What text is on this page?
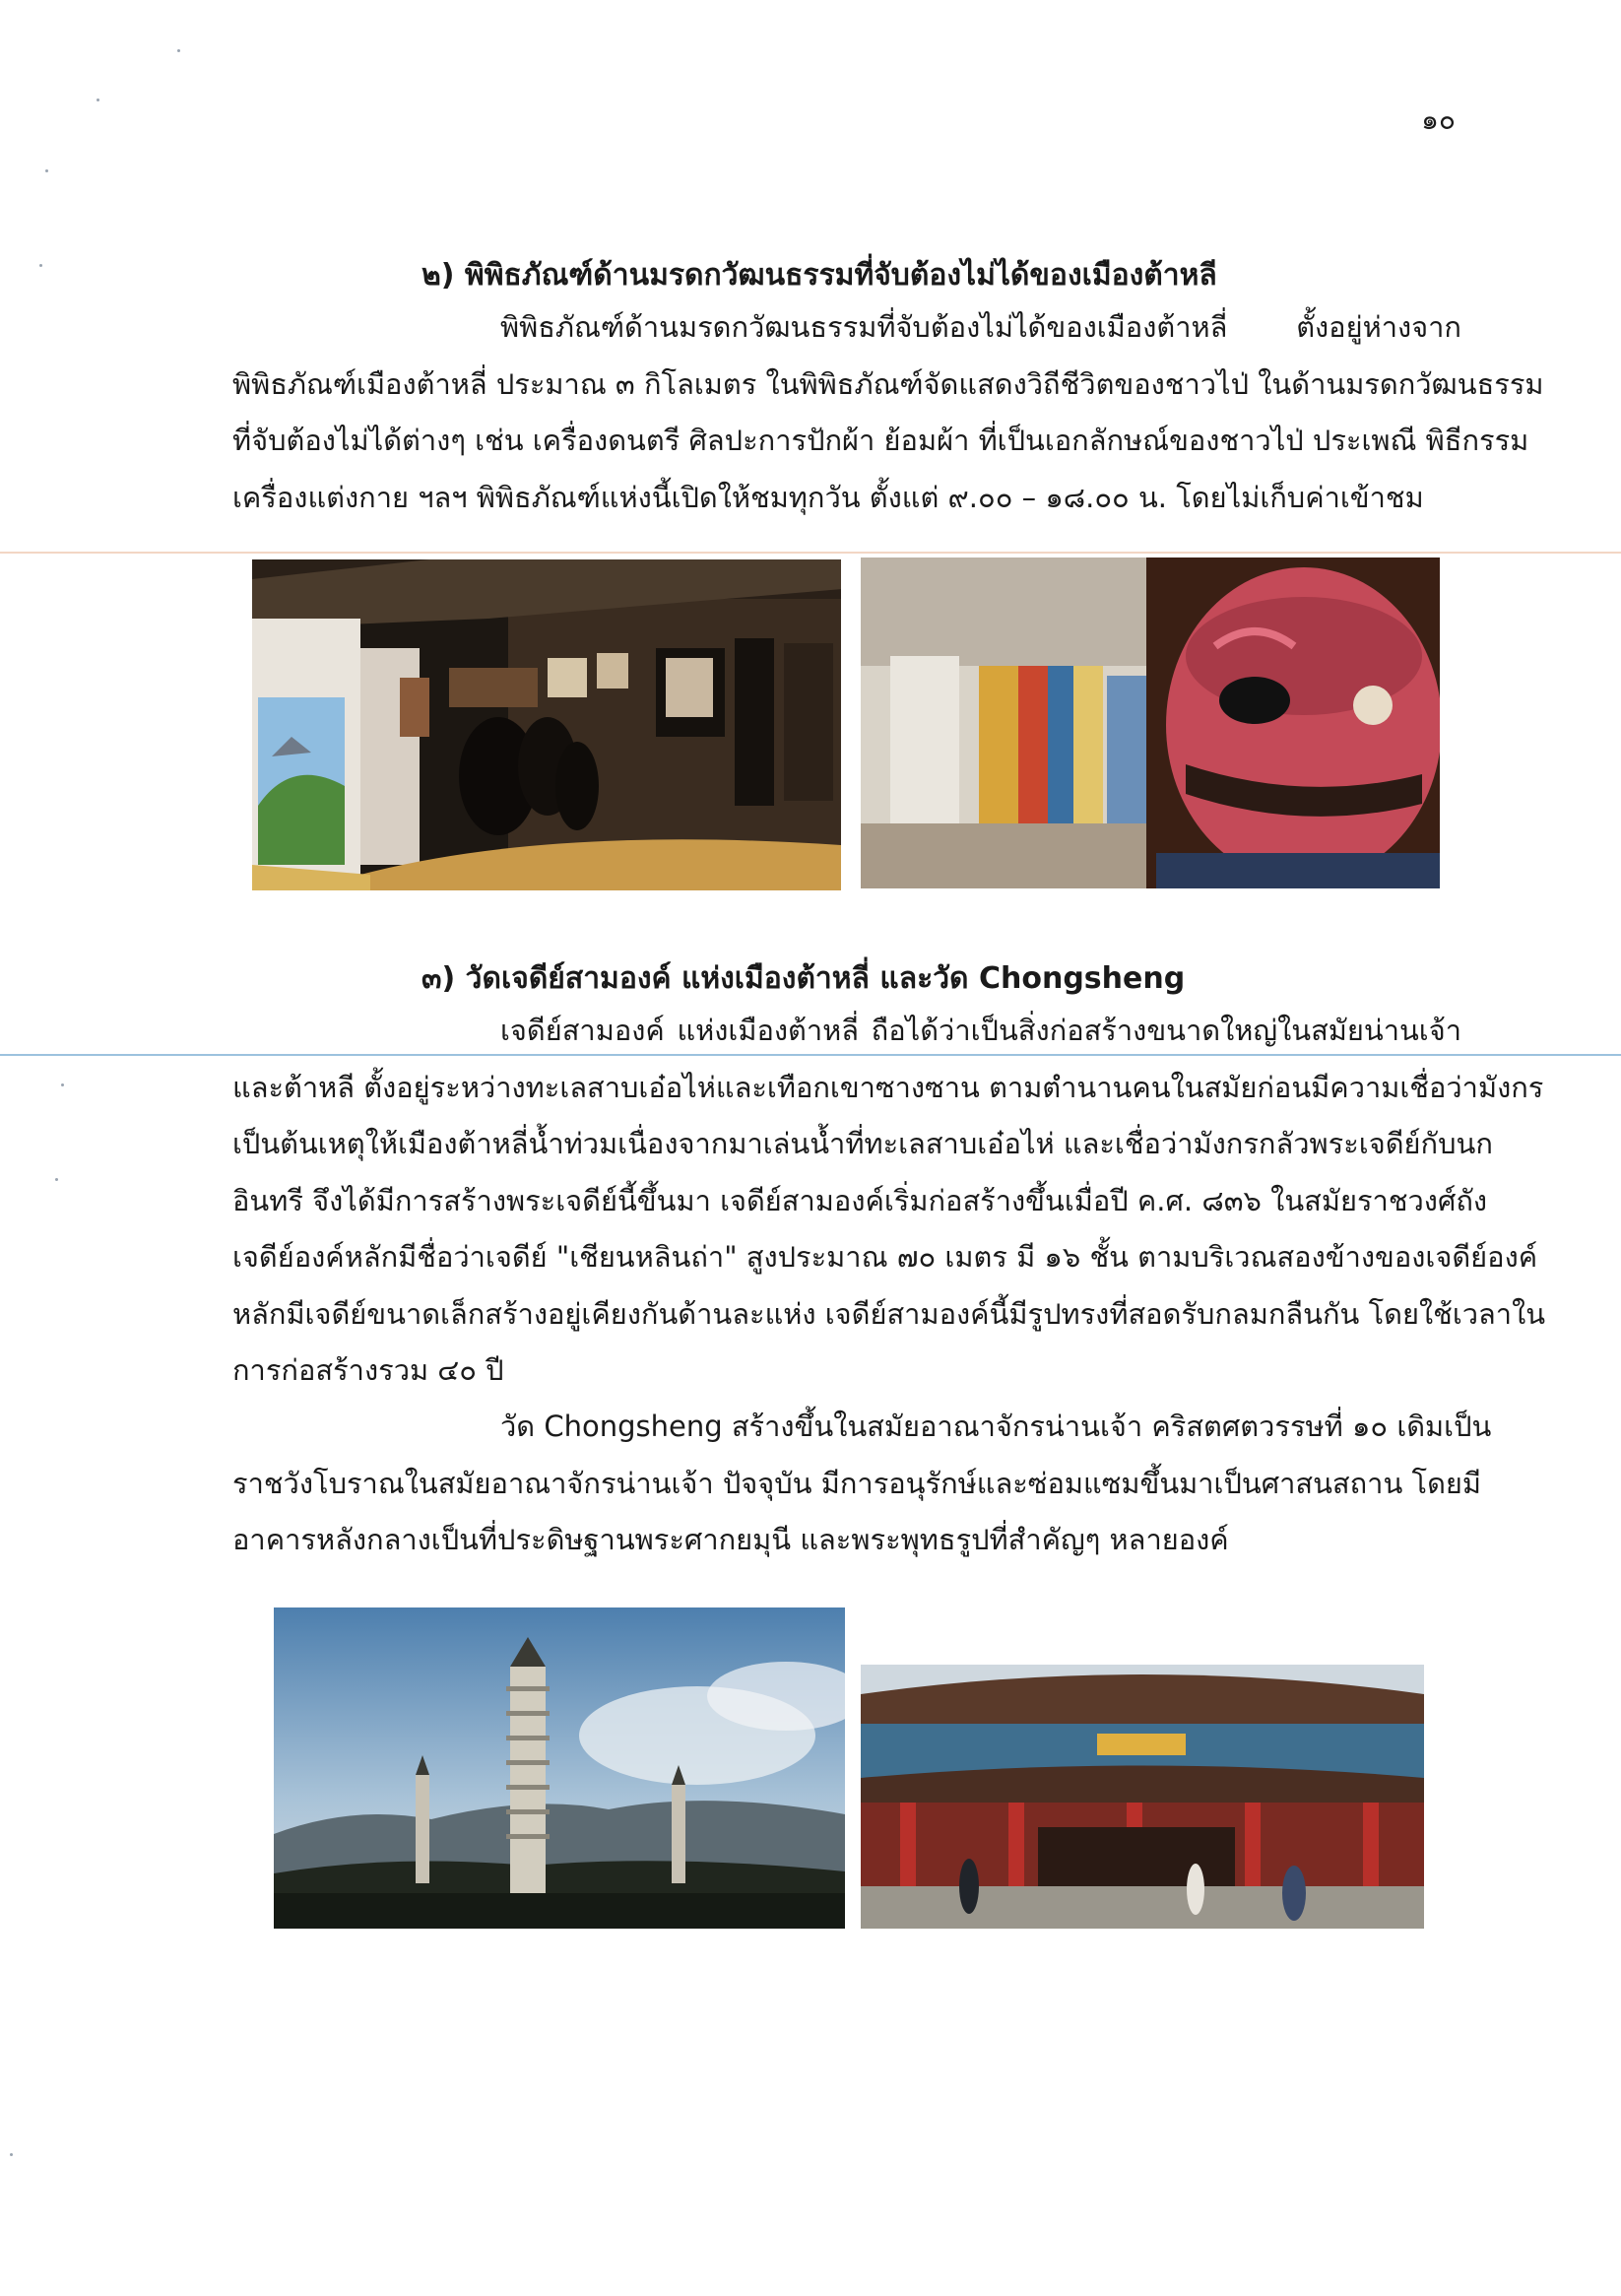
๑๐
๒) พิพิธภัณฑ์ด้านมรดกวัฒนธรรมที่จับต้องไม่ได้ของเมืองต้าหลี
พิพิธภัณฑ์ด้านมรดกวัฒนธรรมที่จับต้องไม่ได้ของเมืองต้าหลี่ ตั้งอยู่ห่างจาก
พิพิธภัณฑ์เมืองต้าหลี่ ประมาณ ๓ กิโลเมตร ในพิพิธภัณฑ์จัดแสดงวิถีชีวิตของชาวไป่ ในด้านมรดกวัฒนธรรม
ที่จับต้องไม่ได้ต่างๆ เช่น เครื่องดนตรี ศิลปะการปักผ้า ย้อมผ้า ที่เป็นเอกลักษณ์ของชาวไป่ ประเพณี พิธีกรรม
เครื่องแต่งกาย ฯลฯ พิพิธภัณฑ์แห่งนี้เปิดให้ชมทุกวัน ตั้งแต่ ๙.๐๐ – ๑๘.๐๐ น. โดยไม่เก็บค่าเข้าชม
๓) วัดเจดีย์สามองค์ แห่งเมืองต้าหลี่ และวัด Chongsheng
เจดีย์สามองค์ แห่งเมืองต้าหลี่ ถือได้ว่าเป็นสิ่งก่อสร้างขนาดใหญ่ในสมัยน่านเจ้า
และต้าหลี ตั้งอยู่ระหว่างทะเลสาบเอ๋อไห่และเทือกเขาซางซาน ตามตำนานคนในสมัยก่อนมีความเชื่อว่ามังกร
เป็นต้นเหตุให้เมืองต้าหลี่น้ำท่วมเนื่องจากมาเล่นน้ำที่ทะเลสาบเอ๋อไห่ และเชื่อว่ามังกรกลัวพระเจดีย์กับนก
อินทรี จึงได้มีการสร้างพระเจดีย์นี้ขึ้นมา เจดีย์สามองค์เริ่มก่อสร้างขึ้นเมื่อปี ค.ศ. ๘๓๖ ในสมัยราชวงศ์ถัง
เจดีย์องค์หลักมีชื่อว่าเจดีย์ "เชียนหลินถ่า" สูงประมาณ ๗๐ เมตร มี ๑๖ ชั้น ตามบริเวณสองข้างของเจดีย์องค์
หลักมีเจดีย์ขนาดเล็กสร้างอยู่เคียงกันด้านละแห่ง เจดีย์สามองค์นี้มีรูปทรงที่สอดรับกลมกลืนกัน โดยใช้เวลาใน
การก่อสร้างรวม ๔๐ ปี
วัด Chongsheng สร้างขึ้นในสมัยอาณาจักรน่านเจ้า คริสตศตวรรษที่ ๑๐ เดิมเป็น
ราชวังโบราณในสมัยอาณาจักรน่านเจ้า ปัจจุบัน มีการอนุรักษ์และซ่อมแซมขึ้นมาเป็นศาสนสถาน โดยมี
อาคารหลังกลางเป็นที่ประดิษฐานพระศากยมุนี และพระพุทธรูปที่สำคัญๆ หลายองค์
